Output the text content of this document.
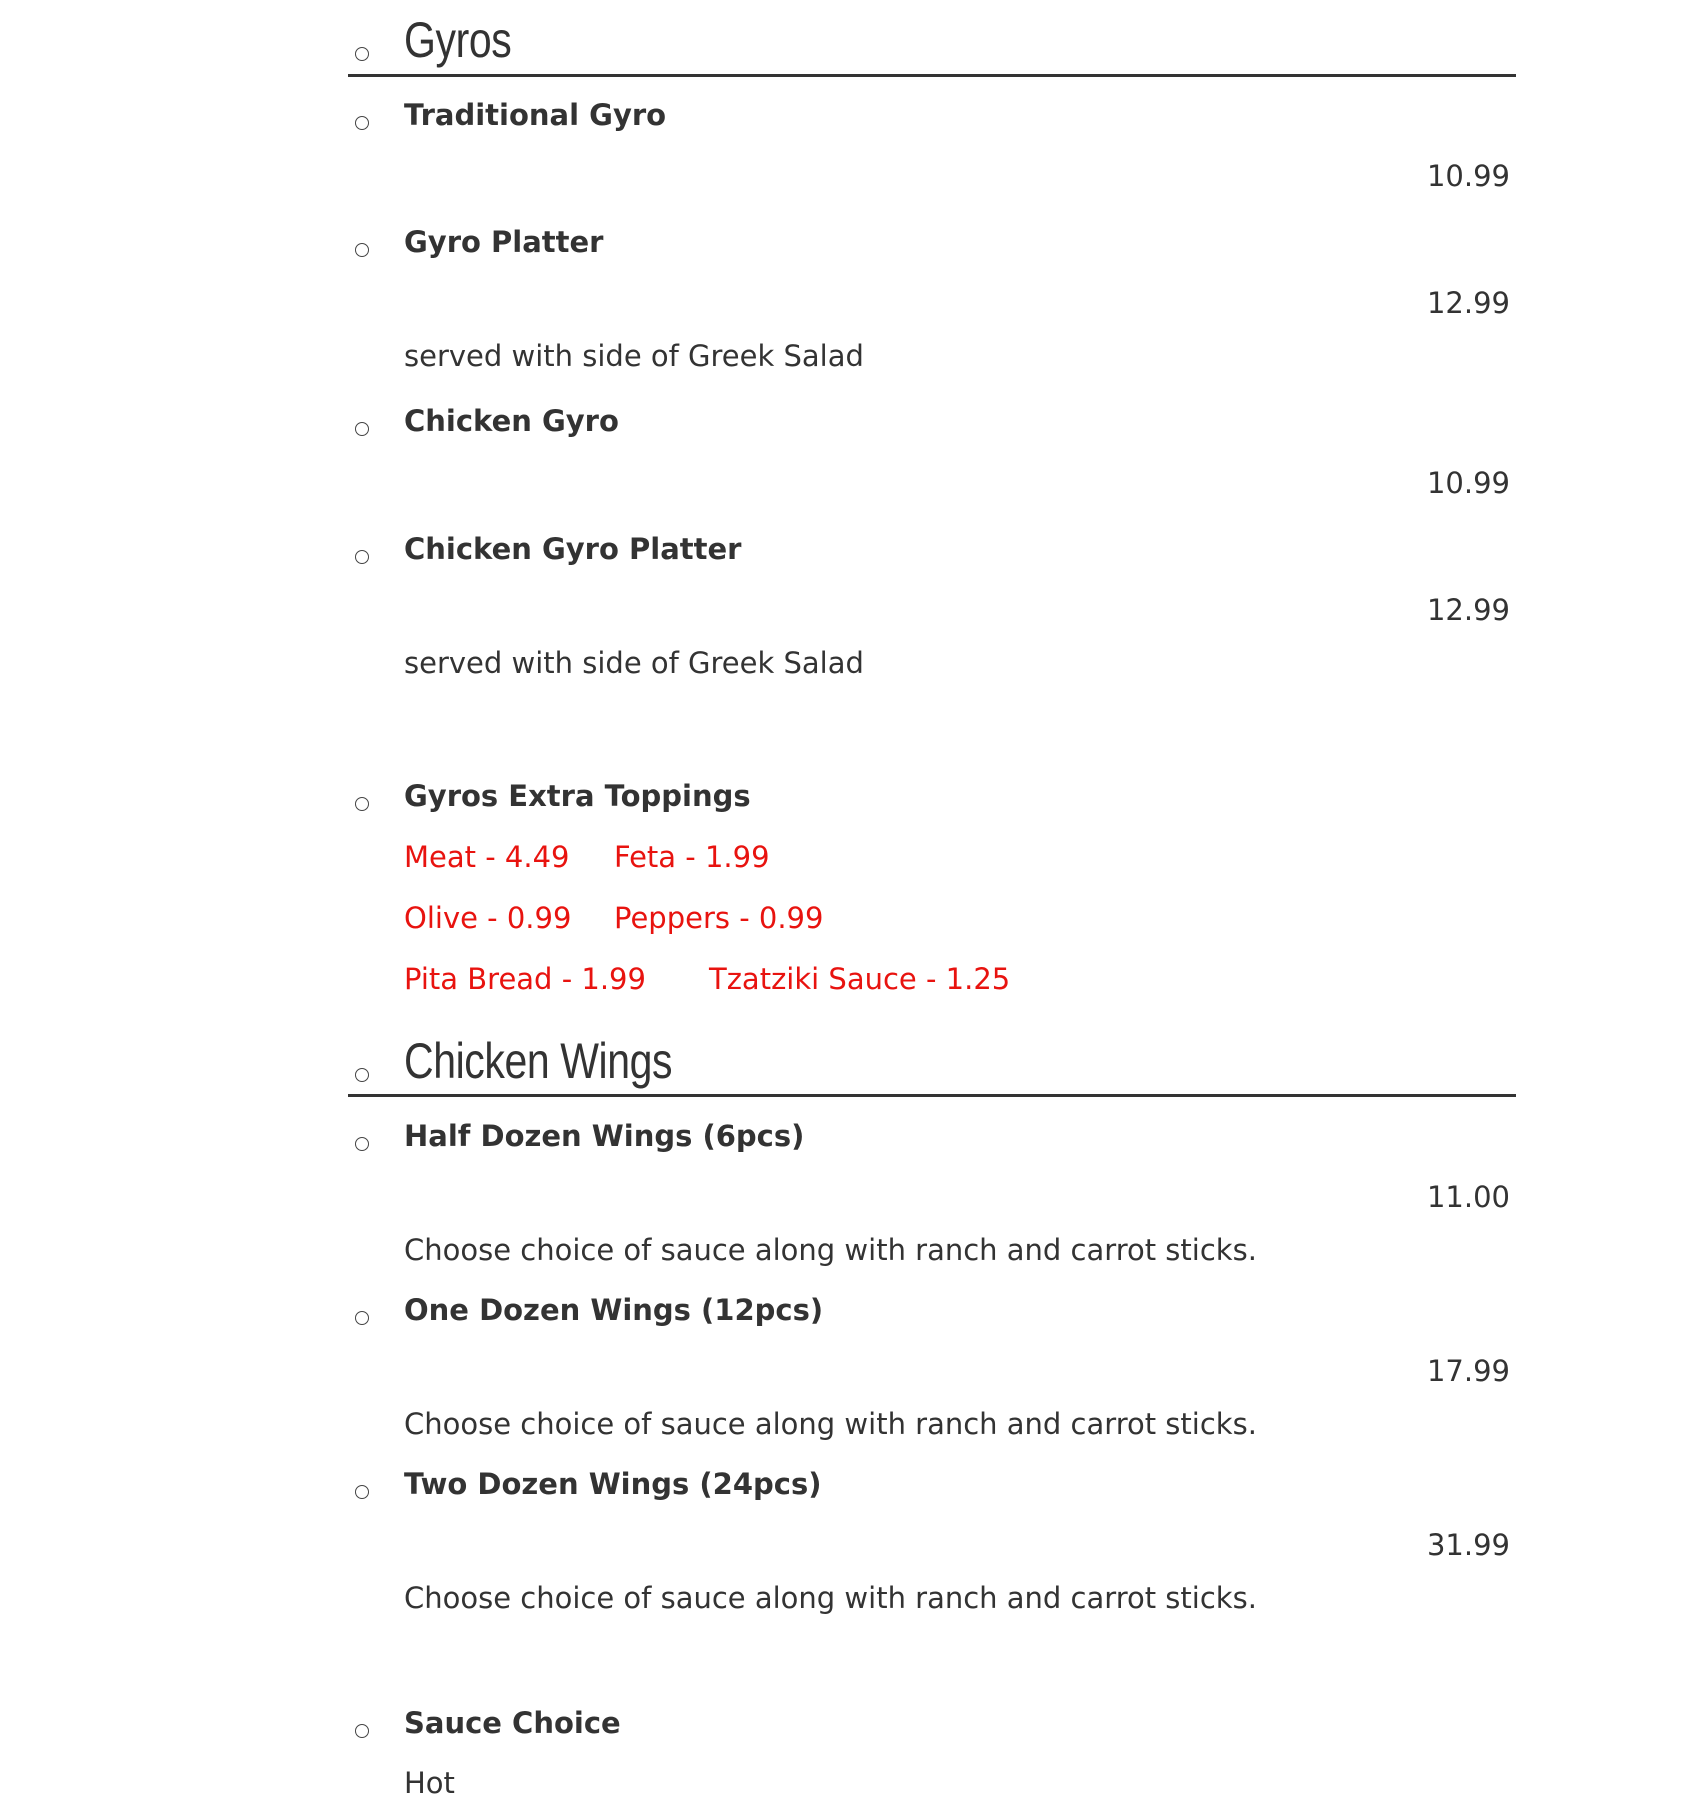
Gyros
Traditional Gyro
10.99
Gyro Platter
12.99
served with side of Greek Salad
Chicken Gyro
10.99
Chicken Gyro Platter
12.99
served with side of Greek Salad
Gyros Extra Toppings
Meat - 4.49 Feta - 1.99
Olive - 0.99 Peppers - 0.99
Pita Bread - 1.99 Tzatziki Sauce - 1.25
Chicken Wings
Half Dozen Wings (6pcs)
11.00
Choose choice of sauce along with ranch and carrot sticks.
One Dozen Wings (12pcs)
17.99
Choose choice of sauce along with ranch and carrot sticks.
Two Dozen Wings (24pcs)
31.99
Choose choice of sauce along with ranch and carrot sticks.
Sauce Choice
Hot
